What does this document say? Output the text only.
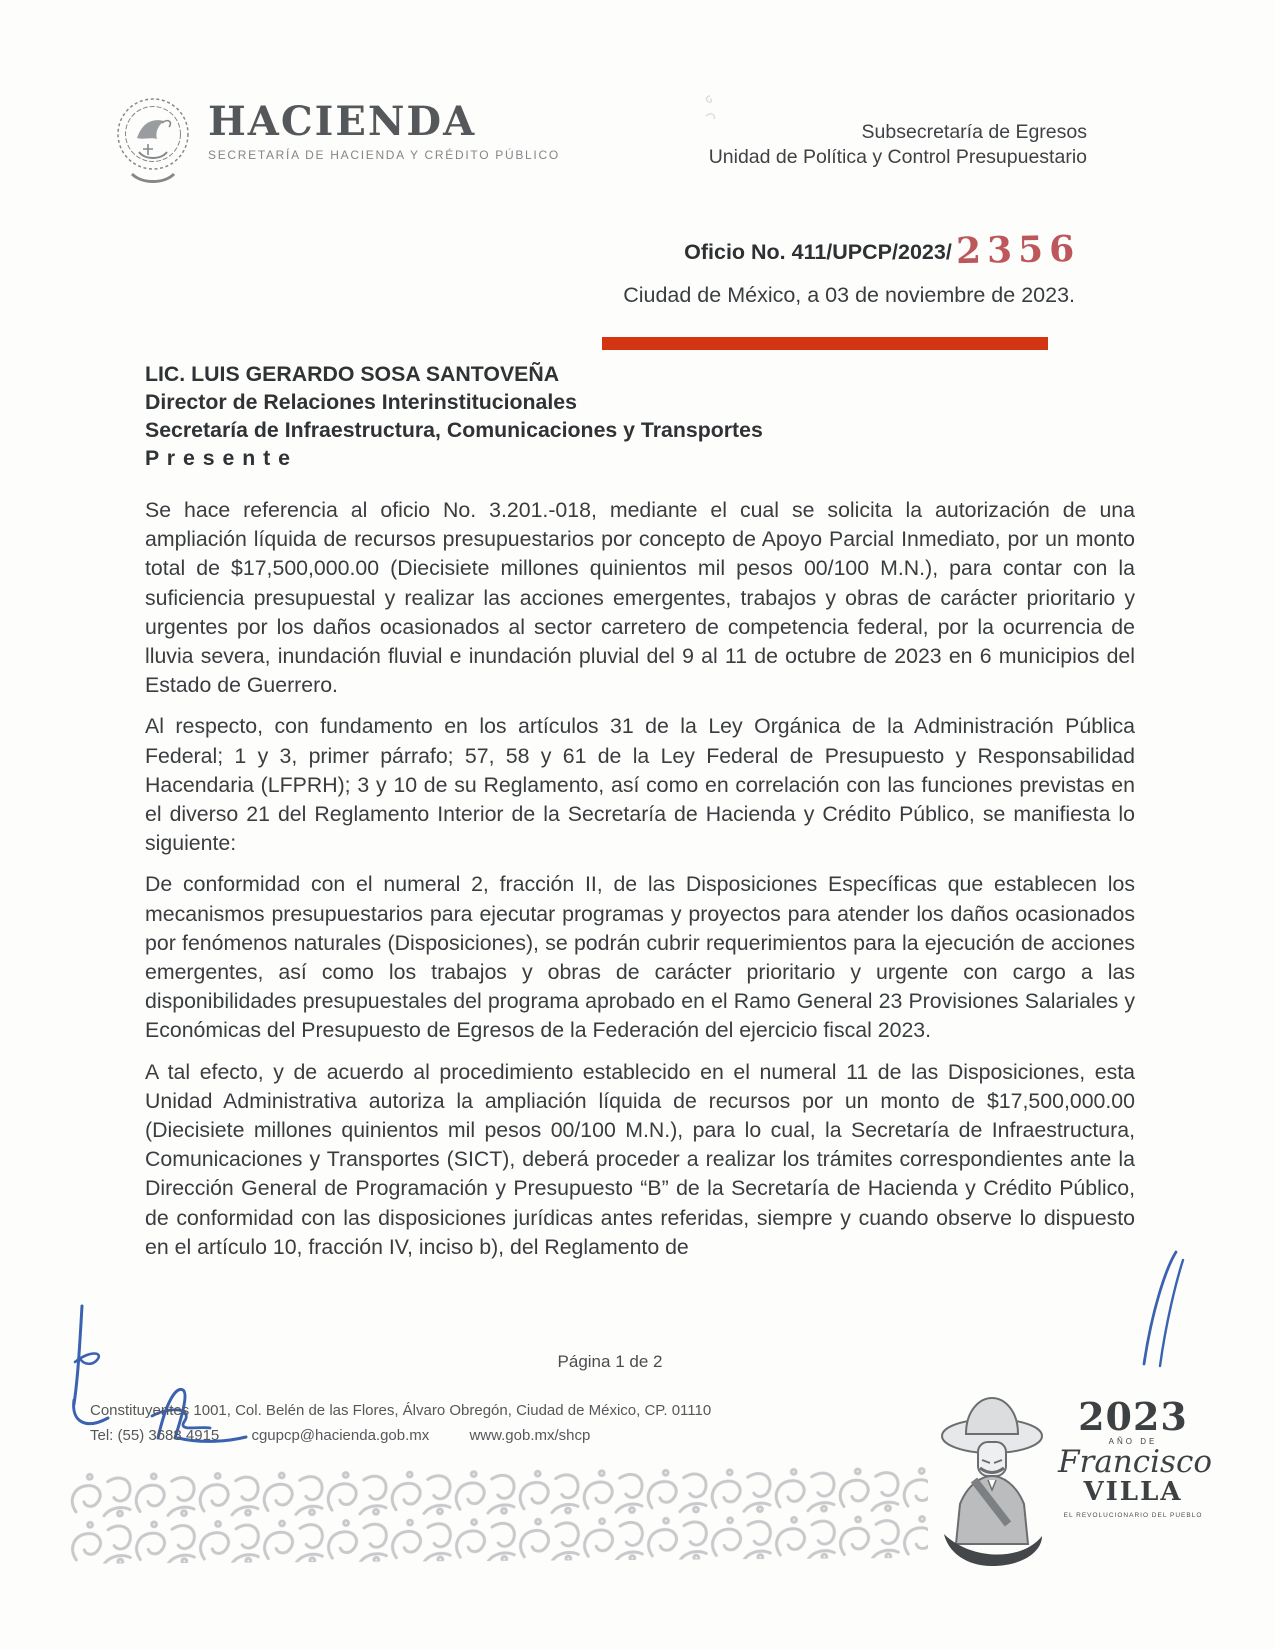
HACIENDA
SECRETARÍA DE HACIENDA Y CRÉDITO PÚBLICO
Subsecretaría de Egresos
Unidad de Política y Control Presupuestario
Oficio No. 411/UPCP/2023/ 2356
Ciudad de México, a 03 de noviembre de 2023.
LIC. LUIS GERARDO SOSA SANTOVEÑA
Director de Relaciones Interinstitucionales
Secretaría de Infraestructura, Comunicaciones y Transportes
P r e s e n t e

Se hace referencia al oficio No. 3.201.-018, mediante el cual se solicita la autorización de una ampliación líquida de recursos presupuestarios por concepto de Apoyo Parcial Inmediato, por un monto total de $17,500,000.00 (Diecisiete millones quinientos mil pesos 00/100 M.N.), para contar con la suficiencia presupuestal y realizar las acciones emergentes, trabajos y obras de carácter prioritario y urgentes por los daños ocasionados al sector carretero de competencia federal, por la ocurrencia de lluvia severa, inundación fluvial e inundación pluvial del 9 al 11 de octubre de 2023 en 6 municipios del Estado de Guerrero.

Al respecto, con fundamento en los artículos 31 de la Ley Orgánica de la Administración Pública Federal; 1 y 3, primer párrafo; 57, 58 y 61 de la Ley Federal de Presupuesto y Responsabilidad Hacendaria (LFPRH); 3 y 10 de su Reglamento, así como en correlación con las funciones previstas en el diverso 21 del Reglamento Interior de la Secretaría de Hacienda y Crédito Público, se manifiesta lo siguiente:

De conformidad con el numeral 2, fracción II, de las Disposiciones Específicas que establecen los mecanismos presupuestarios para ejecutar programas y proyectos para atender los daños ocasionados por fenómenos naturales (Disposiciones), se podrán cubrir requerimientos para la ejecución de acciones emergentes, así como los trabajos y obras de carácter prioritario y urgente con cargo a las disponibilidades presupuestales del programa aprobado en el Ramo General 23 Provisiones Salariales y Económicas del Presupuesto de Egresos de la Federación del ejercicio fiscal 2023.

A tal efecto, y de acuerdo al procedimiento establecido en el numeral 11 de las Disposiciones, esta Unidad Administrativa autoriza la ampliación líquida de recursos por un monto de $17,500,000.00 (Diecisiete millones quinientos mil pesos 00/100 M.N.), para lo cual, la Secretaría de Infraestructura, Comunicaciones y Transportes (SICT), deberá proceder a realizar los trámites correspondientes ante la Dirección General de Programación y Presupuesto “B” de la Secretaría de Hacienda y Crédito Público, de conformidad con las disposiciones jurídicas antes referidas, siempre y cuando observe lo dispuesto en el artículo 10, fracción IV, inciso b), del Reglamento de

Página 1 de 2
Constituyentes 1001, Col. Belén de las Flores, Álvaro Obregón, Ciudad de México, CP. 01110
Tel: (55) 3688 4915 cgupcp@hacienda.gob.mx	www.gob.mx/shcp	2023
AÑO DE
Francisco
VILLA
EL REVOLUCIONARIO DEL PUEBLO
